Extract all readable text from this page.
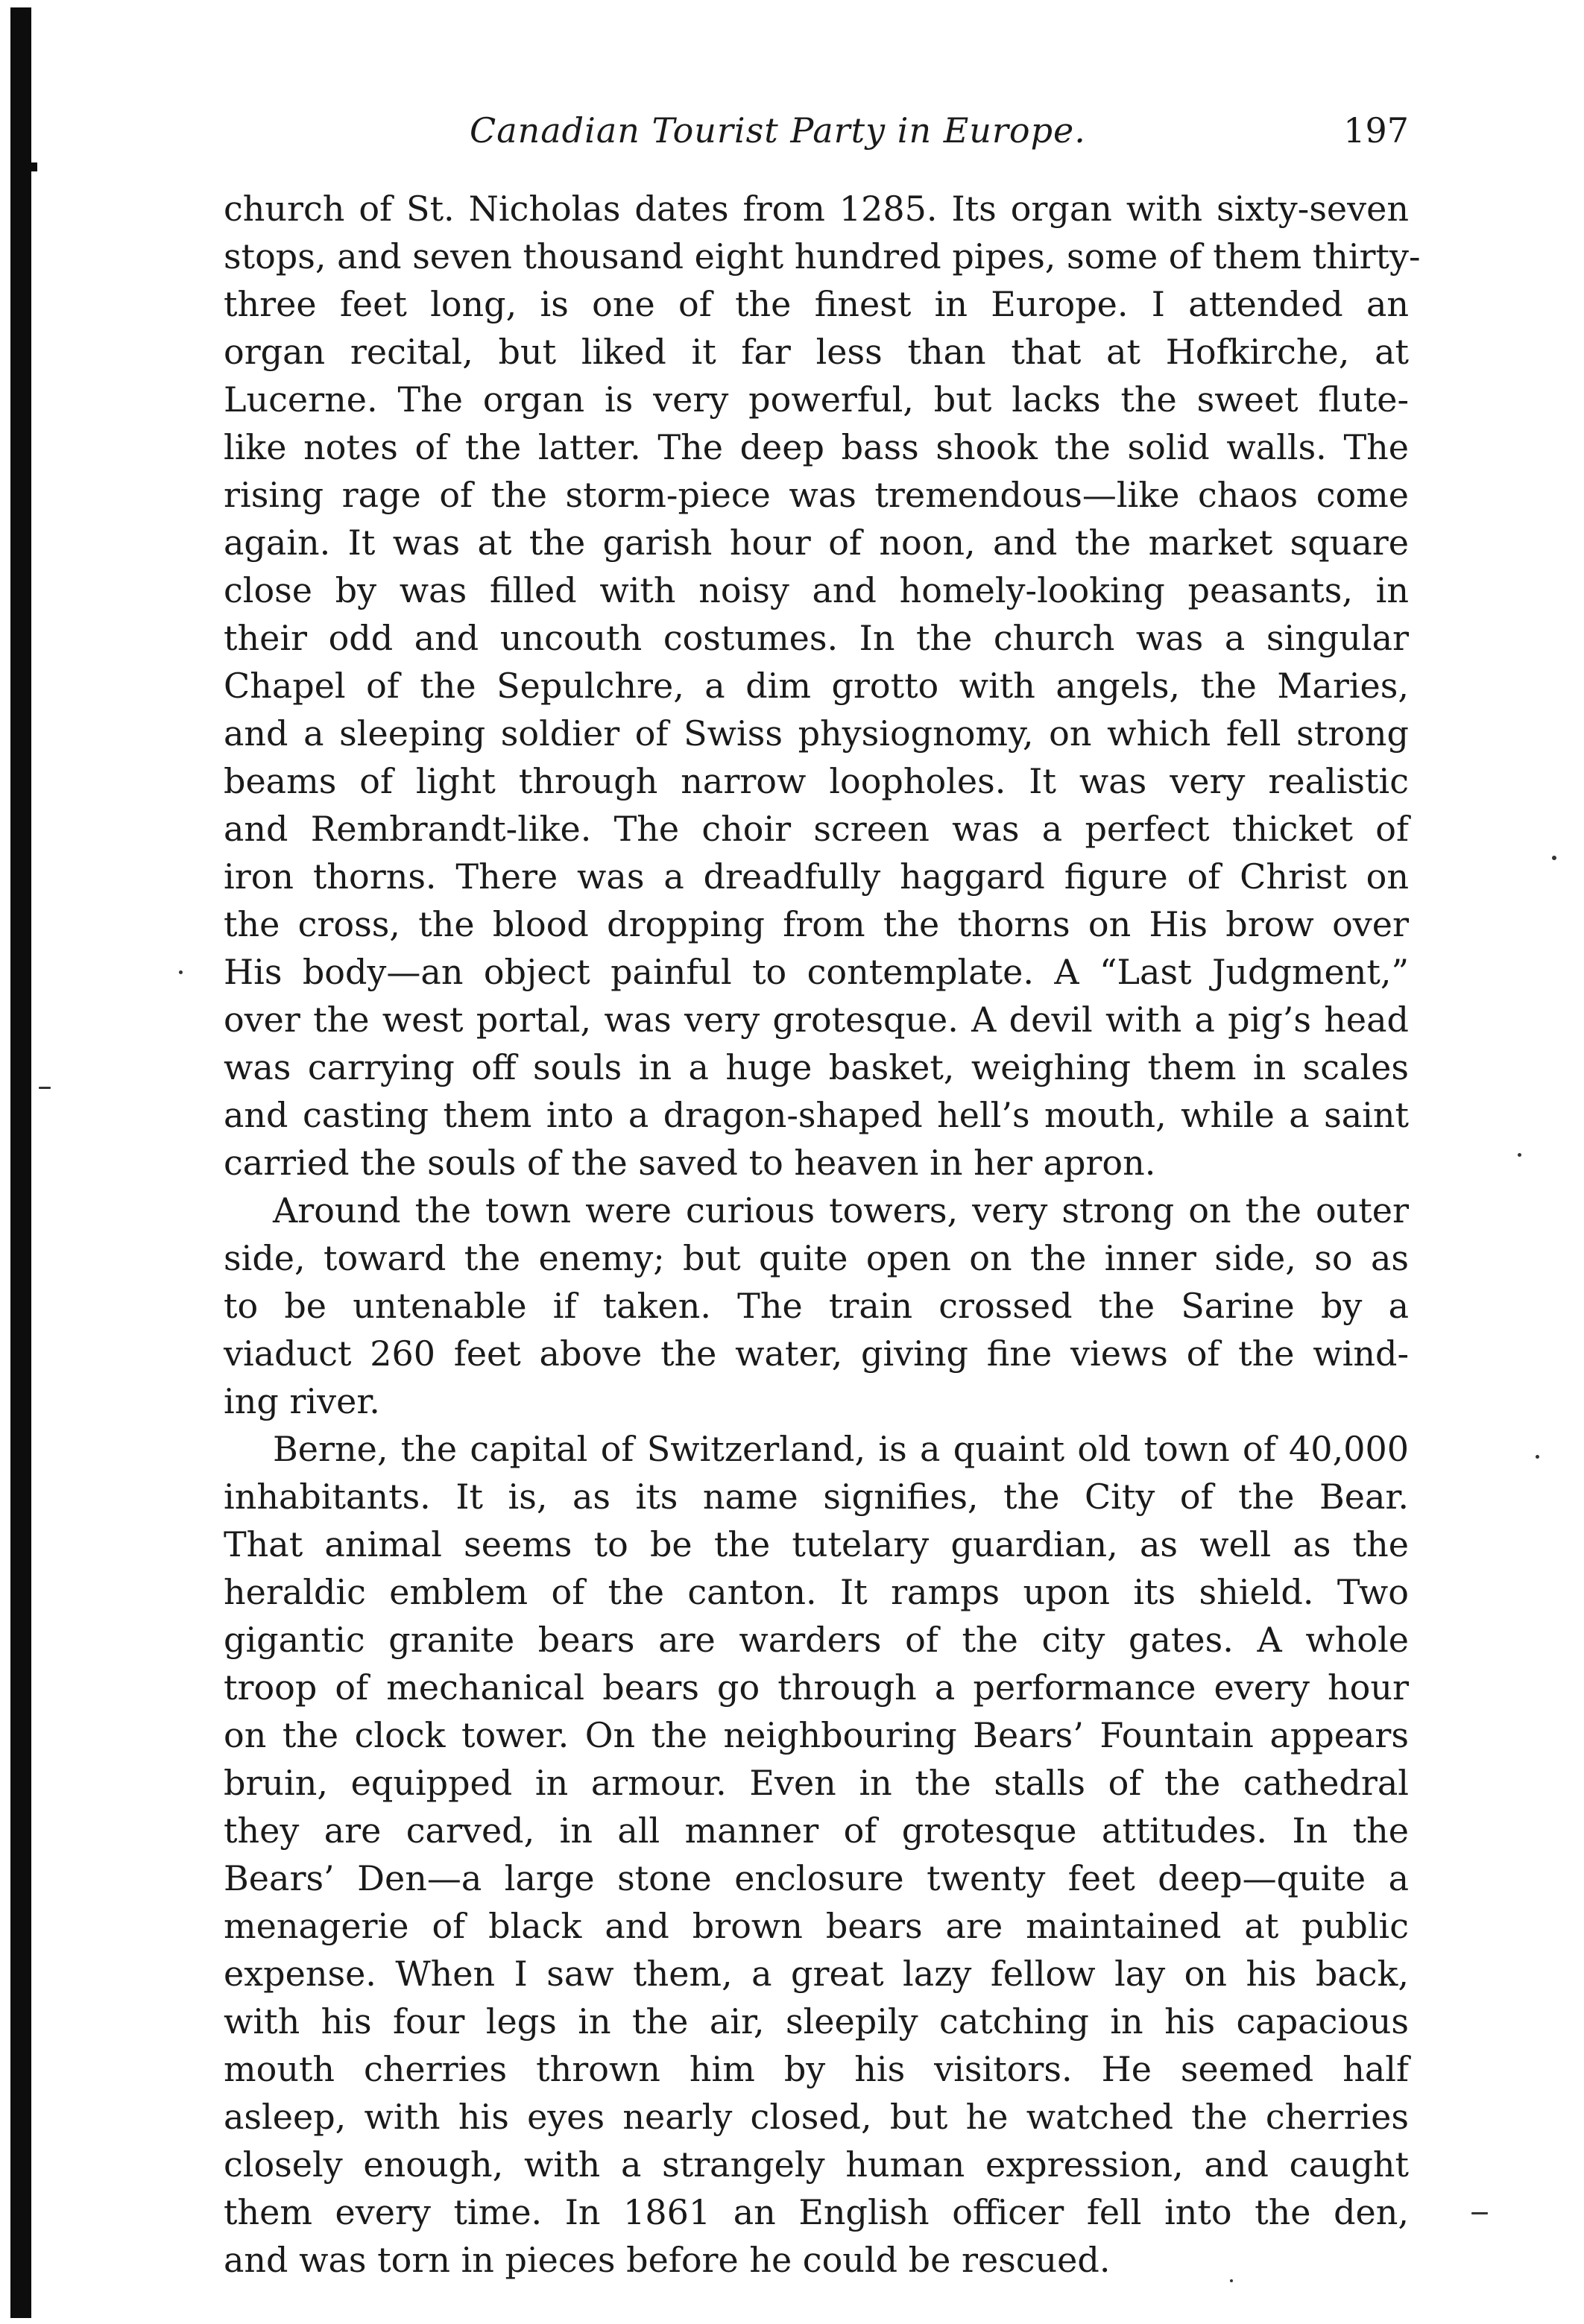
Canadian Tourist Party in Europe.	197
church of St. Nicholas dates from 1285. Its organ with sixty-seven
stops, and seven thousand eight hundred pipes, some of them thirty-
three feet long, is one of the finest in Europe. I attended an
organ recital, but liked it far less than that at Hofkirche, at
Lucerne. The organ is very powerful, but lacks the sweet flute-
like notes of the latter. The deep bass shook the solid walls. The
rising rage of the storm-piece was tremendous—like chaos come
again. It was at the garish hour of noon, and the market square
close by was filled with noisy and homely-looking peasants, in
their odd and uncouth costumes. In the church was a singular
Chapel of the Sepulchre, a dim grotto with angels, the Maries,
and a sleeping soldier of Swiss physiognomy, on which fell strong
beams of light through narrow loopholes. It was very realistic
and Rembrandt-like. The choir screen was a perfect thicket of
iron thorns. There was a dreadfully haggard figure of Christ on
the cross, the blood dropping from the thorns on His brow over
His body—an object painful to contemplate. A “Last Judgment,”
over the west portal, was very grotesque. A devil with a pig’s head
was carrying off souls in a huge basket, weighing them in scales
and casting them into a dragon-shaped hell’s mouth, while a saint
carried the souls of the saved to heaven in her apron.
Around the town were curious towers, very strong on the outer
side, toward the enemy; but quite open on the inner side, so as
to be untenable if taken. The train crossed the Sarine by a
viaduct 260 feet above the water, giving fine views of the wind-
ing river.
Berne, the capital of Switzerland, is a quaint old town of 40,000
inhabitants. It is, as its name signifies, the City of the Bear.
That animal seems to be the tutelary guardian, as well as the
heraldic emblem of the canton. It ramps upon its shield. Two
gigantic granite bears are warders of the city gates. A whole
troop of mechanical bears go through a performance every hour
on the clock tower. On the neighbouring Bears’ Fountain appears
bruin, equipped in armour. Even in the stalls of the cathedral
they are carved, in all manner of grotesque attitudes. In the
Bears’ Den—a large stone enclosure twenty feet deep—quite a
menagerie of black and brown bears are maintained at public
expense. When I saw them, a great lazy fellow lay on his back,
with his four legs in the air, sleepily catching in his capacious
mouth cherries thrown him by his visitors. He seemed half
asleep, with his eyes nearly closed, but he watched the cherries
closely enough, with a strangely human expression, and caught
them every time. In 1861 an English officer fell into the den,
and was torn in pieces before he could be rescued.
